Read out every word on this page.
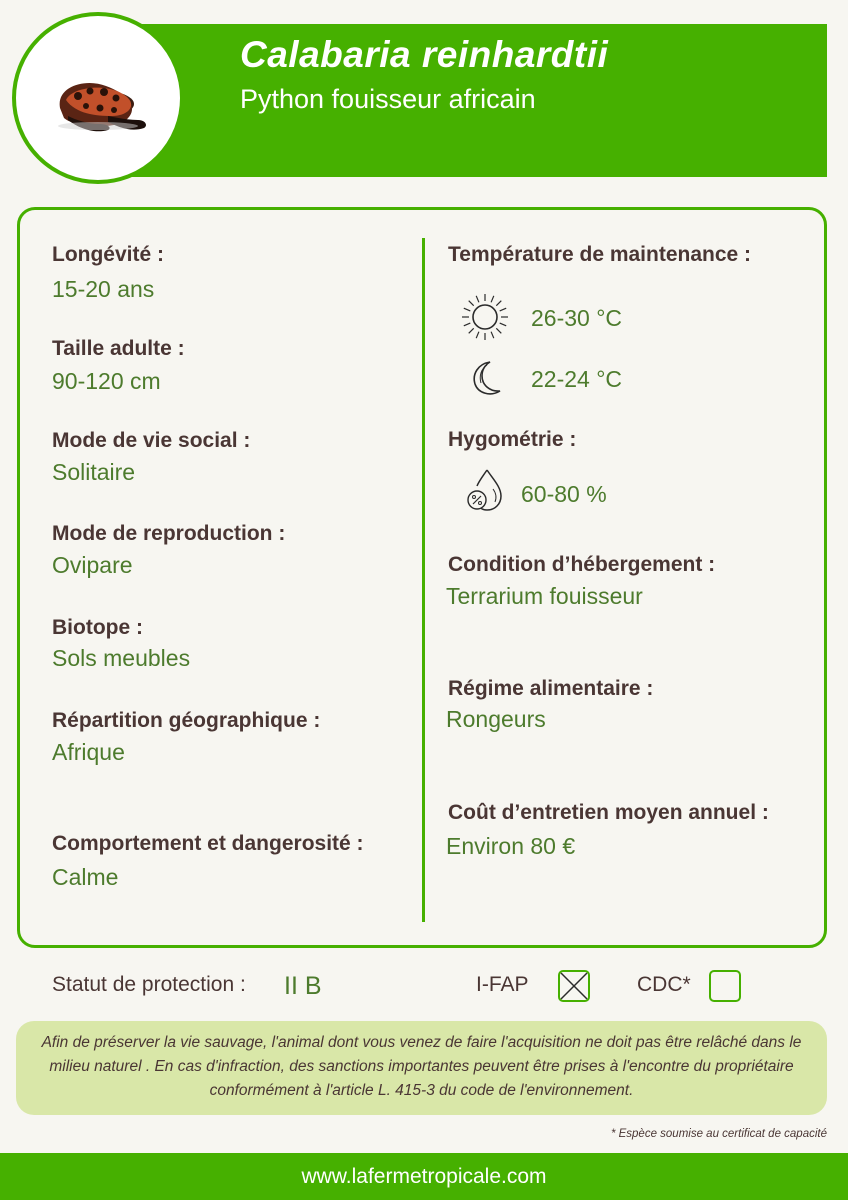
Calabaria reinhardtii
Python fouisseur africain
Longévité :
15-20 ans
Taille adulte :
90-120 cm
Mode de vie social :
Solitaire
Mode de reproduction :
Ovipare
Biotope :
Sols meubles
Répartition géographique :
Afrique
Comportement et dangerosité :
Calme
Température de maintenance :
26-30 °C
22-24 °C
Hygométrie :
60-80 %
Condition d’hébergement :
Terrarium fouisseur
Régime alimentaire :
Rongeurs
Coût d’entretien moyen annuel :
Environ 80 €
Statut de protection : II B	I-FAP	CDC*
Afin de préserver la vie sauvage, l'animal dont vous venez de faire l'acquisition ne doit pas être relâché dans le milieu naturel . En cas d'infraction, des sanctions importantes peuvent être prises à l'encontre du propriétaire conformément à l'article L. 415-3 du code de l'environnement.
* Espèce soumise au certificat de capacité
www.lafermetropicale.com
